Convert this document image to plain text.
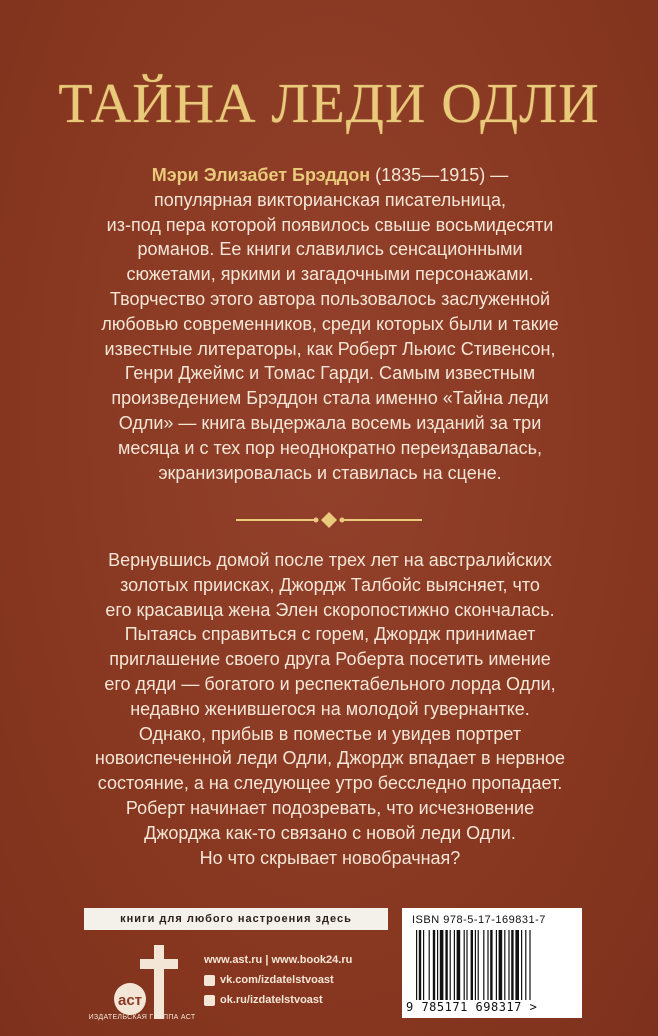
ТАЙНА ЛЕДИ ОДЛИ
Мэри Элизабет Брэддон (1835—1915) —
популярная викторианская писательница,
из-под пера которой появилось свыше восьмидесяти
романов. Ее книги славились сенсационными
сюжетами, яркими и загадочными персонажами.
Творчество этого автора пользовалось заслуженной
любовью современников, среди которых были и такие
известные литераторы, как Роберт Льюис Стивенсон,
Генри Джеймс и Томас Гарди. Самым известным
произведением Брэддон стала именно «Тайна леди
Одли» — книга выдержала восемь изданий за три
месяца и с тех пор неоднократно переиздавалась,
экранизировалась и ставилась на сцене.
Вернувшись домой после трех лет на австралийских
золотых приисках, Джордж Талбойс выясняет, что
его красавица жена Элен скоропостижно скончалась.
Пытаясь справиться с горем, Джордж принимает
приглашение своего друга Роберта посетить имение
его дяди — богатого и респектабельного лорда Одли,
недавно женившегося на молодой гувернантке.
Однако, прибыв в поместье и увидев портрет
новоиспеченной леди Одли, Джордж впадает в нервное
состояние, а на следующее утро бесследно пропадает.
Роберт начинает подозревать, что исчезновение
Джорджа как-то связано с новой леди Одли.
Но что скрывает новобрачная?
книги для любого настроения здесь
аст
ИЗДАТЕЛЬСКАЯ ГРУППА АСТ
www.ast.ru | www.book24.ru
vk.com/izdatelstvoast
ok.ru/izdatelstvoast
ISBN 978-5-17-169831-7
9 785171 698317 >
